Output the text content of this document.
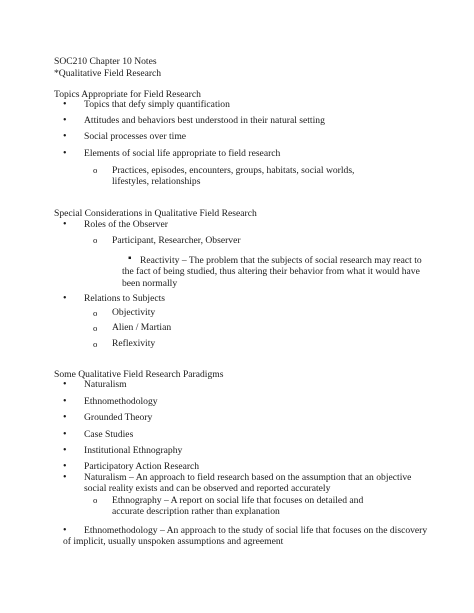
SOC210 Chapter 10 Notes
*Qualitative Field Research
Topics Appropriate for Field Research
• Topics that defy simply quantification
• Attitudes and behaviors best understood in their natural setting
• Social processes over time
• Elements of social life appropriate to field research
o Practices, episodes, encounters, groups, habitats, social worlds, lifestyles, relationships
Special Considerations in Qualitative Field Research
• Roles of the Observer
o Participant, Researcher, Observer
▪ Reactivity – The problem that the subjects of social research may react to the fact of being studied, thus altering their behavior from what it would have been normally
• Relations to Subjects
o Objectivity
o Alien / Martian
o Reflexivity
Some Qualitative Field Research Paradigms
• Naturalism
• Ethnomethodology
• Grounded Theory
• Case Studies
• Institutional Ethnography
• Participatory Action Research
• Naturalism – An approach to field research based on the assumption that an objective social reality exists and can be observed and reported accurately
o Ethnography – A report on social life that focuses on detailed and accurate description rather than explanation
•	Ethnomethodology – An approach to the study of social life that focuses on the discovery of implicit, usually unspoken assumptions and agreement
